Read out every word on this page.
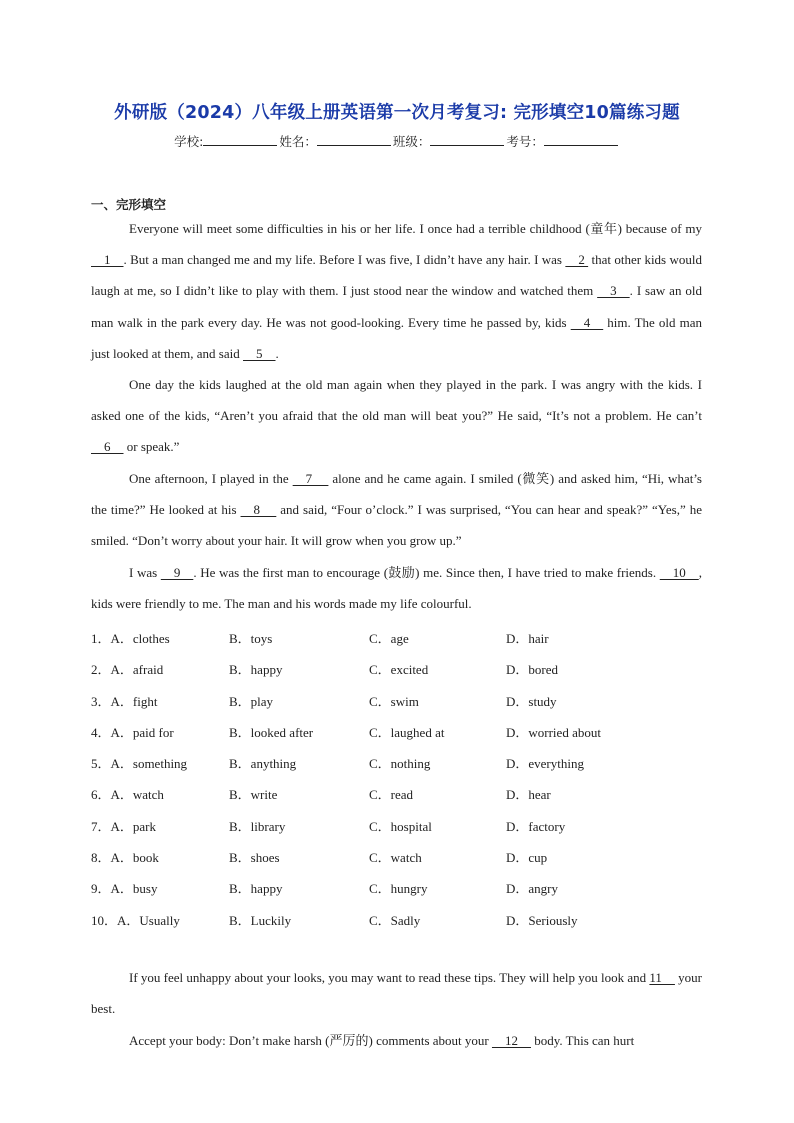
外研版（2024）八年级上册英语第一次月考复习: 完形填空10篇练习题
学校:	姓名：	班级：	考号：
一、完形填空

Everyone will meet some difficulties in his or her life. I once had a terrible childhood (童年) because of my     1    . But a man changed me and my life. Before I was five, I didn’t have any hair. I was     2  that other kids would laugh at me, so I didn’t like to play with them. I just stood near the window and watched them     3    . I saw an old man walk in the park every day. He was not good-looking. Every time he passed by, kids     4     him. The old man just looked at them, and said     5    .

One day the kids laughed at the old man again when they played in the park. I was angry with the kids. I asked one of the kids, “Aren’t you afraid that the old man will beat you?” He said, “It’s not a problem. He can’t     6     or speak.”

One afternoon, I played in the     7      alone and he came again. I smiled (微笑) and asked him, “Hi, what’s the time?” He looked at his     8      and said, “Four o’clock.” I was surprised, “You can hear and speak?” “Yes,” he smiled. “Don’t worry about your hair. It will grow when you grow up.”

I was     9    . He was the first man to encourage (鼓励) me. Since then, I have tried to make friends.     10    , kids were friendly to me. The man and his words made my life colourful.

1．A．clothes	B．toys	C．age	D．hair
2．A．afraid	B．happy	C．excited	D．bored
3．A．fight	B．play	C．swim	D．study
4．A．paid for	B．looked after	C．laughed at	D．worried about
5．A．something	B．anything	C．nothing	D．everything
6．A．watch	B．write	C．read	D．hear
7．A．park	B．library	C．hospital	D．factory
8．A．book	B．shoes	C．watch	D．cup
9．A．busy	B．happy	C．hungry	D．angry
10．A．Usually	B．Luckily	C．Sadly	D．Seriously

If you feel unhappy about your looks, you may want to read these tips. They will help you look and 11     your best.

Accept your body: Don’t make harsh (严厉的) comments about your     12     body. This can hurt
